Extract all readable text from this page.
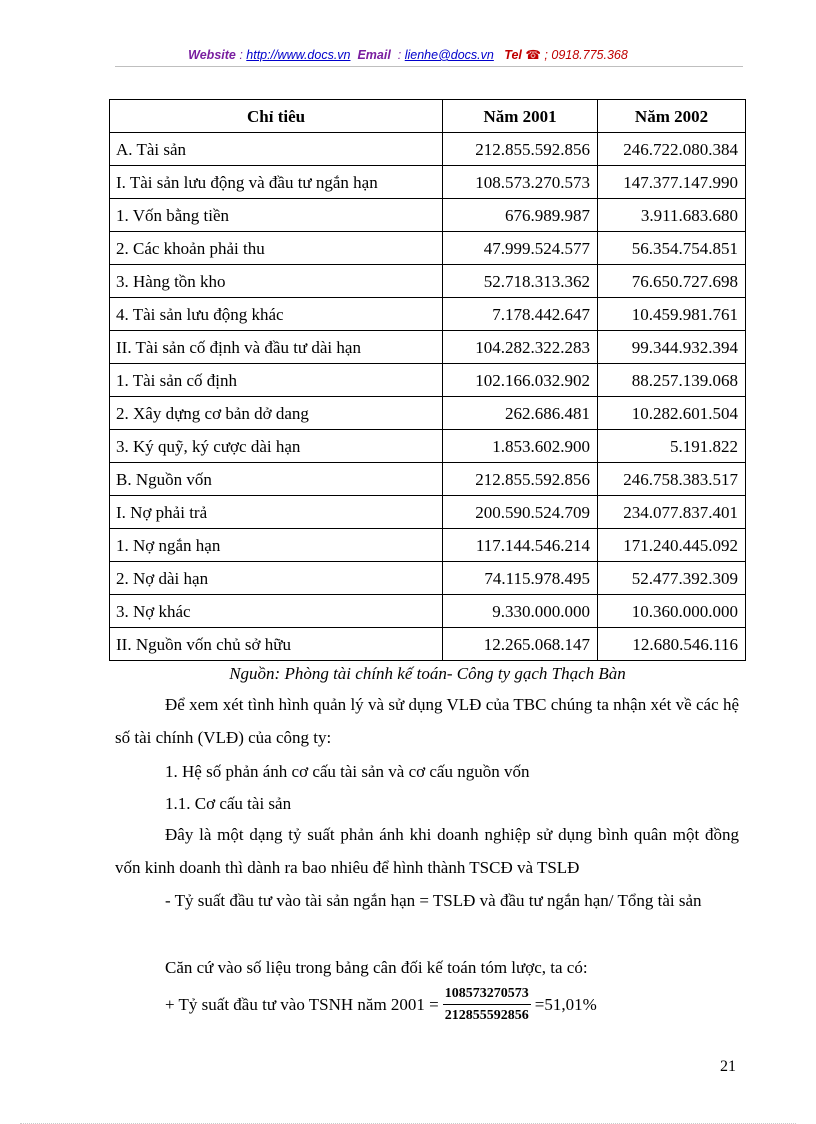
Website : http://www.docs.vn Email  : lienhe@docs.vn Tel ☎ ; 0918.775.368
Chỉ tiêu	Năm 2001	Năm 2002
A. Tài sản	212.855.592.856	246.722.080.384
I. Tài sản lưu động và đầu tư ngắn hạn	108.573.270.573	147.377.147.990
1. Vốn bằng tiền	676.989.987	3.911.683.680
2. Các khoản phải thu	47.999.524.577	56.354.754.851
3. Hàng tồn kho	52.718.313.362	76.650.727.698
4. Tài sản lưu động khác	7.178.442.647	10.459.981.761
II. Tài sản cố định và đầu tư dài hạn	104.282.322.283	99.344.932.394
1. Tài sản cố định	102.166.032.902	88.257.139.068
2. Xây dựng cơ bản dở dang	262.686.481	10.282.601.504
3. Ký quỹ, ký cược dài hạn	1.853.602.900	5.191.822
B. Nguồn vốn	212.855.592.856	246.758.383.517
I. Nợ phải trả	200.590.524.709	234.077.837.401
1. Nợ ngắn hạn	117.144.546.214	171.240.445.092
2. Nợ dài hạn	74.115.978.495	52.477.392.309
3. Nợ khác	9.330.000.000	10.360.000.000
II. Nguồn vốn chủ sở hữu	12.265.068.147	12.680.546.116
Nguồn: Phòng tài chính kế toán- Công ty gạch Thạch Bàn
Để xem xét tình hình quản lý và sử dụng VLĐ của TBC chúng ta nhận xét về các hệ số tài chính (VLĐ) của công ty:
1. Hệ số phản ánh cơ cấu tài sản và cơ cấu nguồn vốn
1.1. Cơ cấu tài sản
Đây là một dạng tỷ suất phản ánh khi doanh nghiệp sử dụng bình quân một đồng vốn kinh doanh thì dành ra bao nhiêu để hình thành TSCĐ và TSLĐ
- Tỷ suất đầu tư vào tài sản ngắn hạn = TSLĐ và đầu tư ngắn hạn/ Tổng tài sản
Căn cứ vào số liệu trong bảng cân đối kế toán tóm lược, ta có:
+ Tỷ suất đầu tư vào TSNH năm $2001 = \frac{108573270573}{212855592856} =51,01\%$
21
